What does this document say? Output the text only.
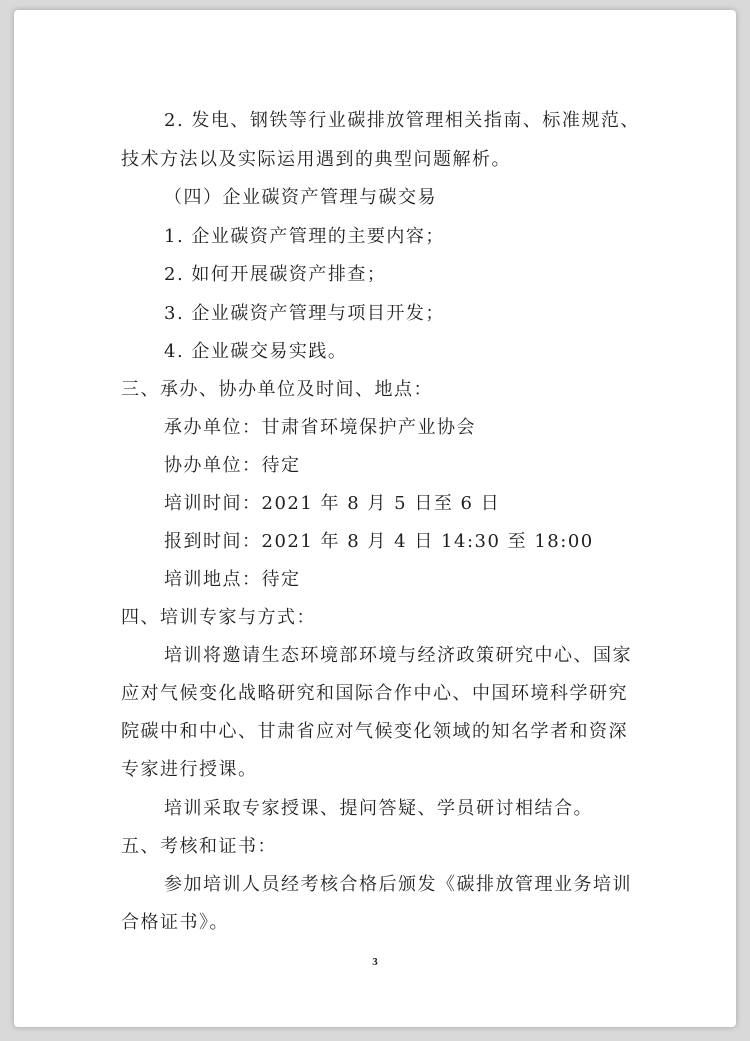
2. 发电、钢铁等行业碳排放管理相关指南、标准规范、
技术方法以及实际运用遇到的典型问题解析。
（四）企业碳资产管理与碳交易
1. 企业碳资产管理的主要内容；
2. 如何开展碳资产排查；
3. 企业碳资产管理与项目开发；
4. 企业碳交易实践。
三、承办、协办单位及时间、地点：
承办单位：甘肃省环境保护产业协会
协办单位：待定
培训时间：2021 年 8 月 5 日至 6 日
报到时间：2021 年 8 月 4 日 14:30 至 18:00
培训地点：待定
四、培训专家与方式：
培训将邀请生态环境部环境与经济政策研究中心、国家
应对气候变化战略研究和国际合作中心、中国环境科学研究
院碳中和中心、甘肃省应对气候变化领域的知名学者和资深
专家进行授课。
培训采取专家授课、提问答疑、学员研讨相结合。
五、考核和证书：
参加培训人员经考核合格后颁发《碳排放管理业务培训
合格证书》。
3
